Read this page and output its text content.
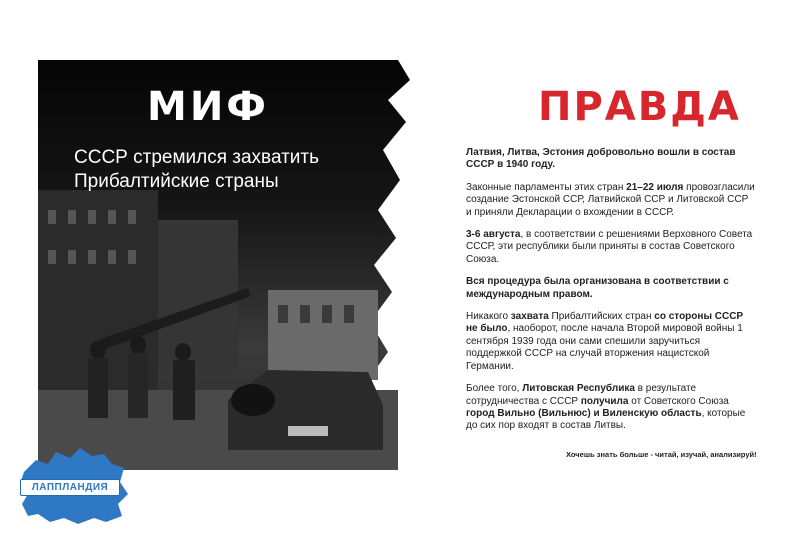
МИФ
СССР стремился захватить Прибалтийские страны
ПРАВДА

Латвия, Литва, Эстония добровольно вошли в состав СССР в 1940 году.

Законные парламенты этих стран 21–22 июля провозгласили создание Эстонской ССР, Латвийской ССР и Литовской ССР и приняли Декларации о вхождении в СССР.

3-6 августа, в соответствии с решениями Верховного Совета СССР, эти республики были приняты в состав Советского Союза.

Вся процедура была организована в соответствии с международным правом.

Никакого захвата Прибалтийских стран со стороны СССР не было, наоборот, после начала Второй мировой войны 1 сентября 1939 года они сами спешили заручиться поддержкой СССР на случай вторжения нацистской Германии.

Более того, Литовская Республика в результате сотрудничества с СССР получила от Советского Союза город Вильно (Вильнюс) и Виленскую область, которые до сих пор входят в состав Литвы.

Хочешь знать больше - читай, изучай, анализируй!
ЛАППЛАНДИЯ
